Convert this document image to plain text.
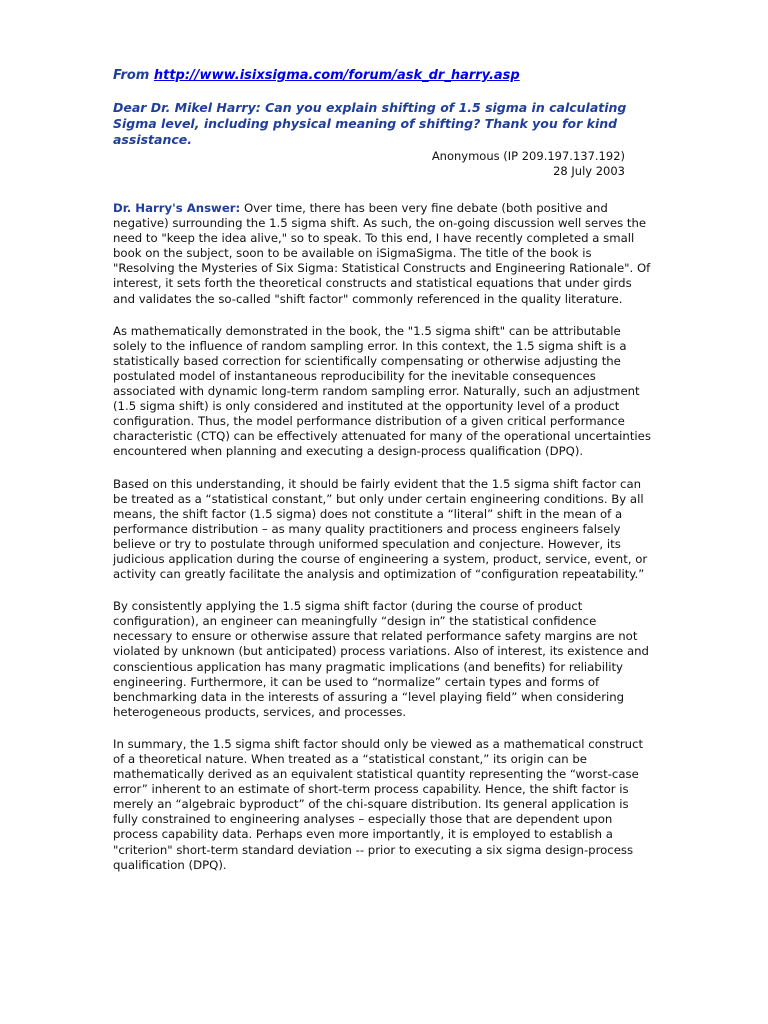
From http://www.isixsigma.com/forum/ask_dr_harry.asp

Dear Dr. Mikel Harry: Can you explain shifting of 1.5 sigma in calculating Sigma level, including physical meaning of shifting? Thank you for kind assistance.

Anonymous (IP 209.197.137.192)
28 July 2003

Dr. Harry's Answer: Over time, there has been very fine debate (both positive and negative) surrounding the 1.5 sigma shift. As such, the on-going discussion well serves the need to "keep the idea alive," so to speak. To this end, I have recently completed a small book on the subject, soon to be available on iSigmaSigma. The title of the book is "Resolving the Mysteries of Six Sigma: Statistical Constructs and Engineering Rationale". Of interest, it sets forth the theoretical constructs and statistical equations that under girds and validates the so-called "shift factor" commonly referenced in the quality literature.

As mathematically demonstrated in the book, the "1.5 sigma shift" can be attributable solely to the influence of random sampling error. In this context, the 1.5 sigma shift is a statistically based correction for scientifically compensating or otherwise adjusting the postulated model of instantaneous reproducibility for the inevitable consequences associated with dynamic long-term random sampling error. Naturally, such an adjustment (1.5 sigma shift) is only considered and instituted at the opportunity level of a product configuration. Thus, the model performance distribution of a given critical performance characteristic (CTQ) can be effectively attenuated for many of the operational uncertainties encountered when planning and executing a design-process qualification (DPQ).

Based on this understanding, it should be fairly evident that the 1.5 sigma shift factor can be treated as a “statistical constant,” but only under certain engineering conditions. By all means, the shift factor (1.5 sigma) does not constitute a “literal” shift in the mean of a performance distribution – as many quality practitioners and process engineers falsely believe or try to postulate through uniformed speculation and conjecture. However, its judicious application during the course of engineering a system, product, service, event, or activity can greatly facilitate the analysis and optimization of “configuration repeatability.”

By consistently applying the 1.5 sigma shift factor (during the course of product configuration), an engineer can meaningfully “design in” the statistical confidence necessary to ensure or otherwise assure that related performance safety margins are not violated by unknown (but anticipated) process variations. Also of interest, its existence and conscientious application has many pragmatic implications (and benefits) for reliability engineering. Furthermore, it can be used to “normalize” certain types and forms of benchmarking data in the interests of assuring a “level playing field” when considering heterogeneous products, services, and processes.

In summary, the 1.5 sigma shift factor should only be viewed as a mathematical construct of a theoretical nature. When treated as a “statistical constant,” its origin can be mathematically derived as an equivalent statistical quantity representing the “worst-case error” inherent to an estimate of short-term process capability. Hence, the shift factor is merely an “algebraic byproduct” of the chi-square distribution. Its general application is fully constrained to engineering analyses – especially those that are dependent upon process capability data. Perhaps even more importantly, it is employed to establish a "criterion" short-term standard deviation -- prior to executing a six sigma design-process qualification (DPQ).
